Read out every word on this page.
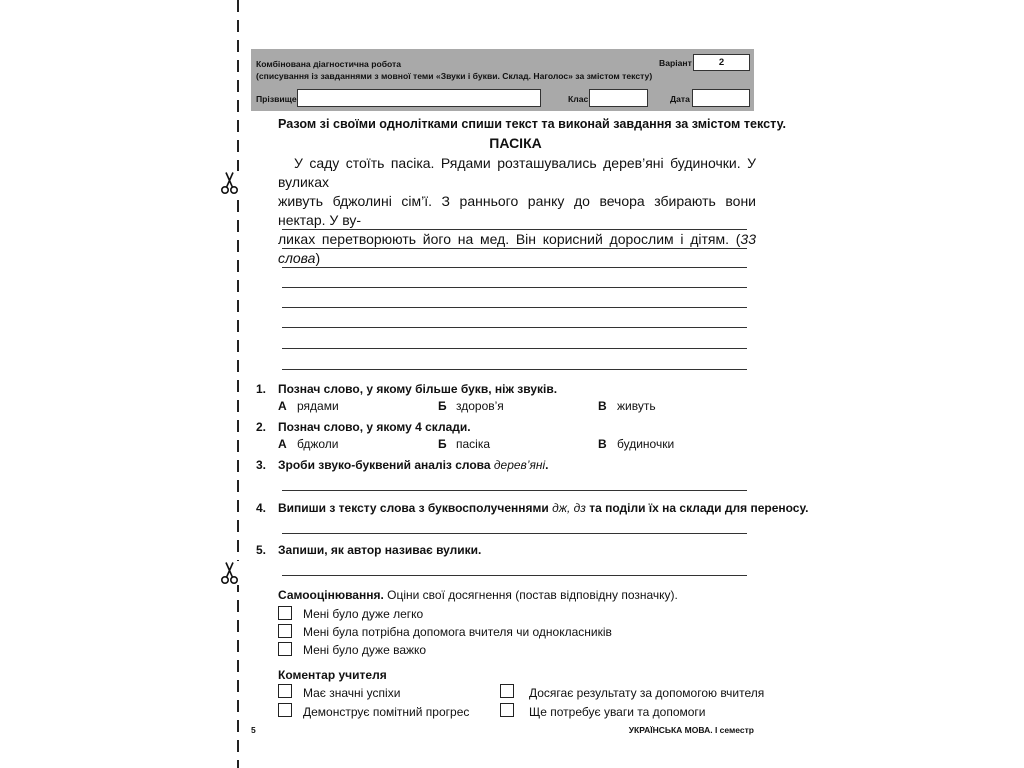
Комбінована діагностична робота
(списування із завданнями з мовної теми «Звуки і букви. Склад. Наголос» за змістом тексту)
Варіант	2
Прізвище	Клас	Дата
Разом зі своїми однолітками спиши текст та виконай завдання за змістом тексту.
ПАСІКА
У саду стоїть пасіка. Рядами розташувались дерев’яні будиночки. У вуликах
живуть бджолині сім’ї. З раннього ранку до вечора збирають вони нектар. У ву-
ликах перетворюють його на мед. Він корисний дорослим і дітям. (33 слова)
1. Познач слово, у якому більше букв, ніж звуків.
А рядами	Б здоров’я	В живуть
2. Познач слово, у якому 4 склади.
А бджоли	Б пасіка	В будиночки
3. Зроби звуко-буквений аналіз слова дерев’яні.
4. Випиши з тексту слова з буквосполученнями дж, дз та поділи їх на склади для переносу.
5. Запиши, як автор називає вулики.
Самооцінювання. Оціни свої досягнення (постав відповідну позначку).
Мені було дуже легко
Мені була потрібна допомога вчителя чи однокласників
Мені було дуже важко
Коментар учителя
Має значні успіхи	Досягає результату за допомогою вчителя
Демонструє помітний прогрес	Ще потребує уваги та допомоги
5	УКРАЇНСЬКА МОВА. І семестр
